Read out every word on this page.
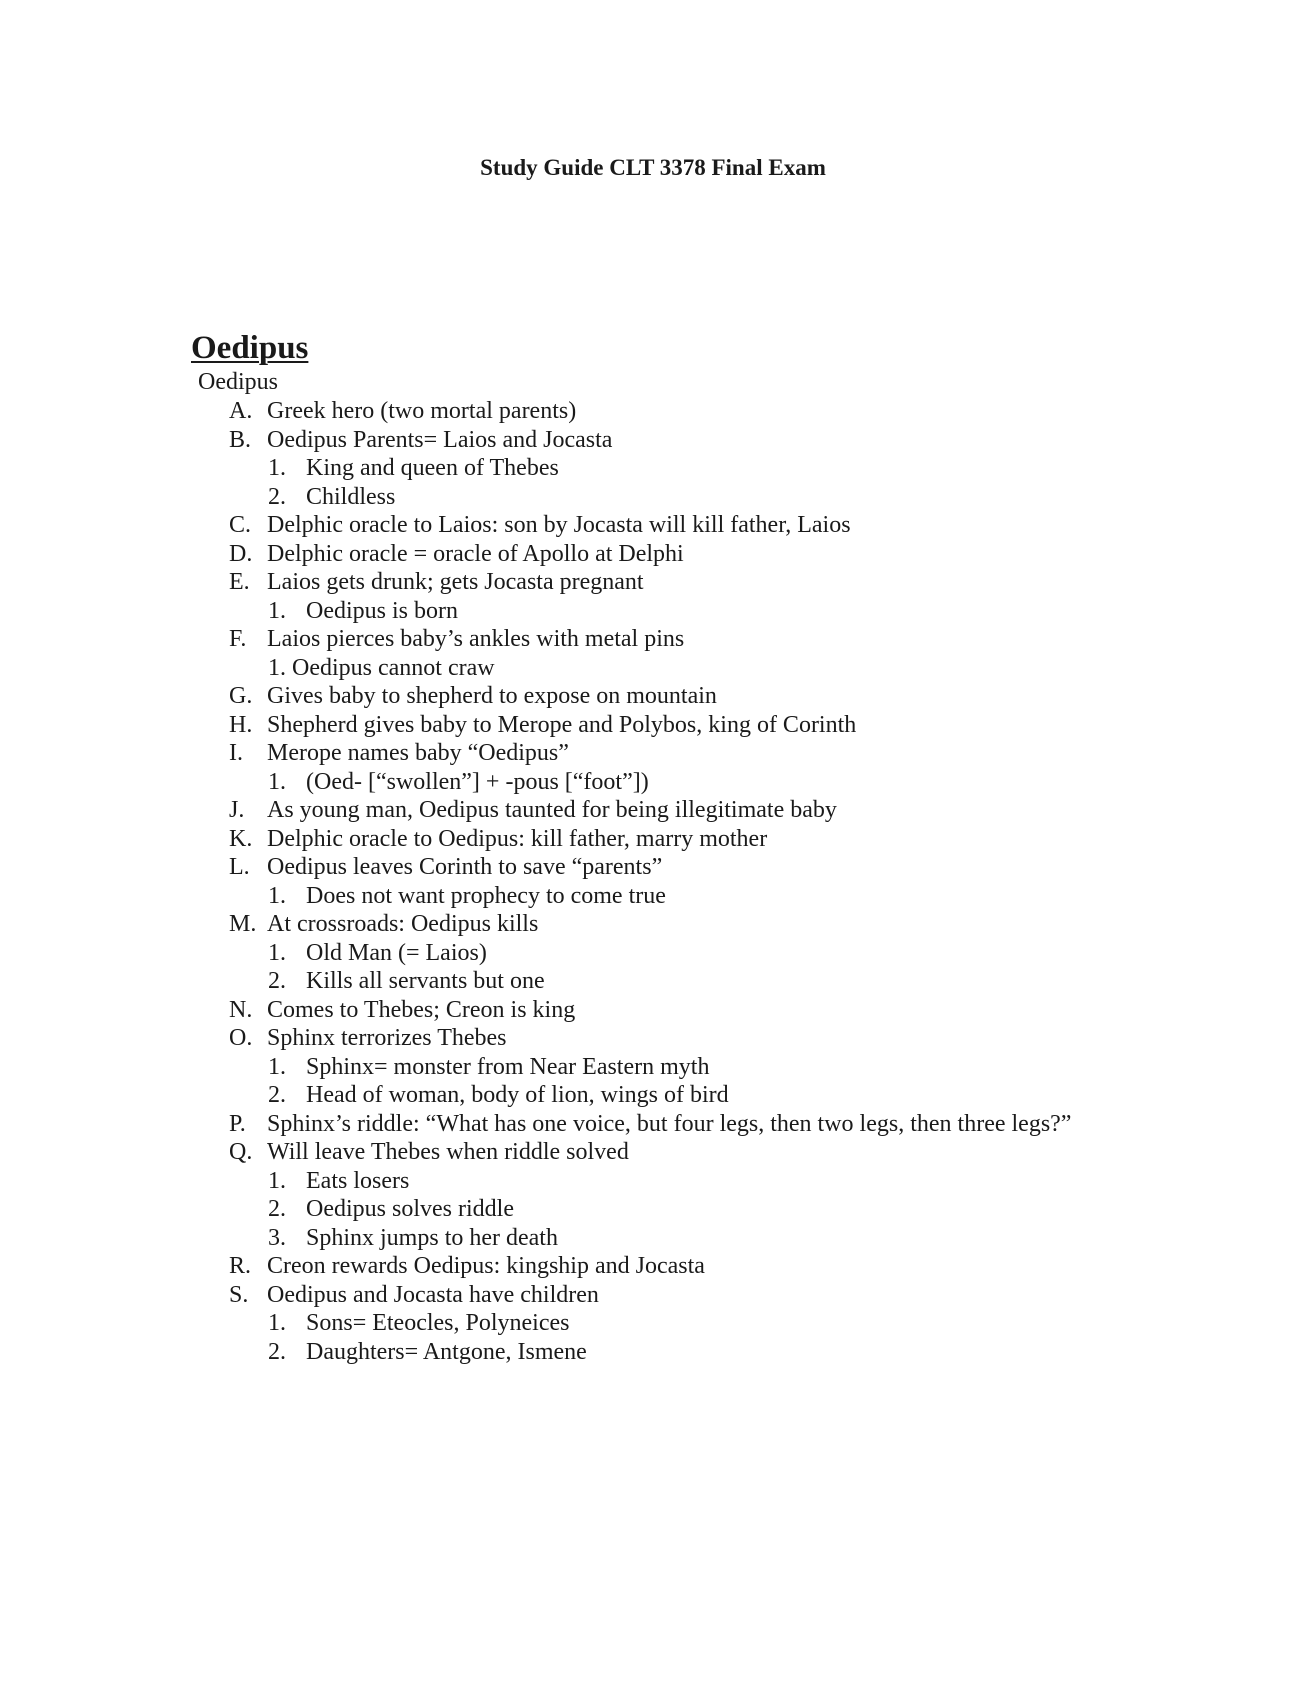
Study Guide CLT 3378 Final Exam
Oedipus
Oedipus
A. Greek hero (two mortal parents)
B. Oedipus Parents= Laios and Jocasta
1. King and queen of Thebes
2. Childless
C. Delphic oracle to Laios: son by Jocasta will kill father, Laios
D. Delphic oracle = oracle of Apollo at Delphi
E. Laios gets drunk; gets Jocasta pregnant
1. Oedipus is born
F. Laios pierces baby’s ankles with metal pins
1. Oedipus cannot craw
G. Gives baby to shepherd to expose on mountain
H. Shepherd gives baby to Merope and Polybos, king of Corinth
I.	Merope names baby “Oedipus”
1. (Oed- [“swollen”] + -pous [“foot”])
J. As young man, Oedipus taunted for being illegitimate baby
K. Delphic oracle to Oedipus: kill father, marry mother
L. Oedipus leaves Corinth to save “parents”
1. Does not want prophecy to come true
M. At crossroads: Oedipus kills
1. Old Man (= Laios)
2. Kills all servants but one
N. Comes to Thebes; Creon is king
O. Sphinx terrorizes Thebes
1. Sphinx= monster from Near Eastern myth
2. Head of woman, body of lion, wings of bird
P. Sphinx’s riddle: “What has one voice, but four legs, then two legs, then three legs?”
Q. Will leave Thebes when riddle solved
1. Eats losers
2. Oedipus solves riddle
3. Sphinx jumps to her death
R. Creon rewards Oedipus: kingship and Jocasta
S. Oedipus and Jocasta have children
1. Sons= Eteocles, Polyneices
2. Daughters= Antgone, Ismene
